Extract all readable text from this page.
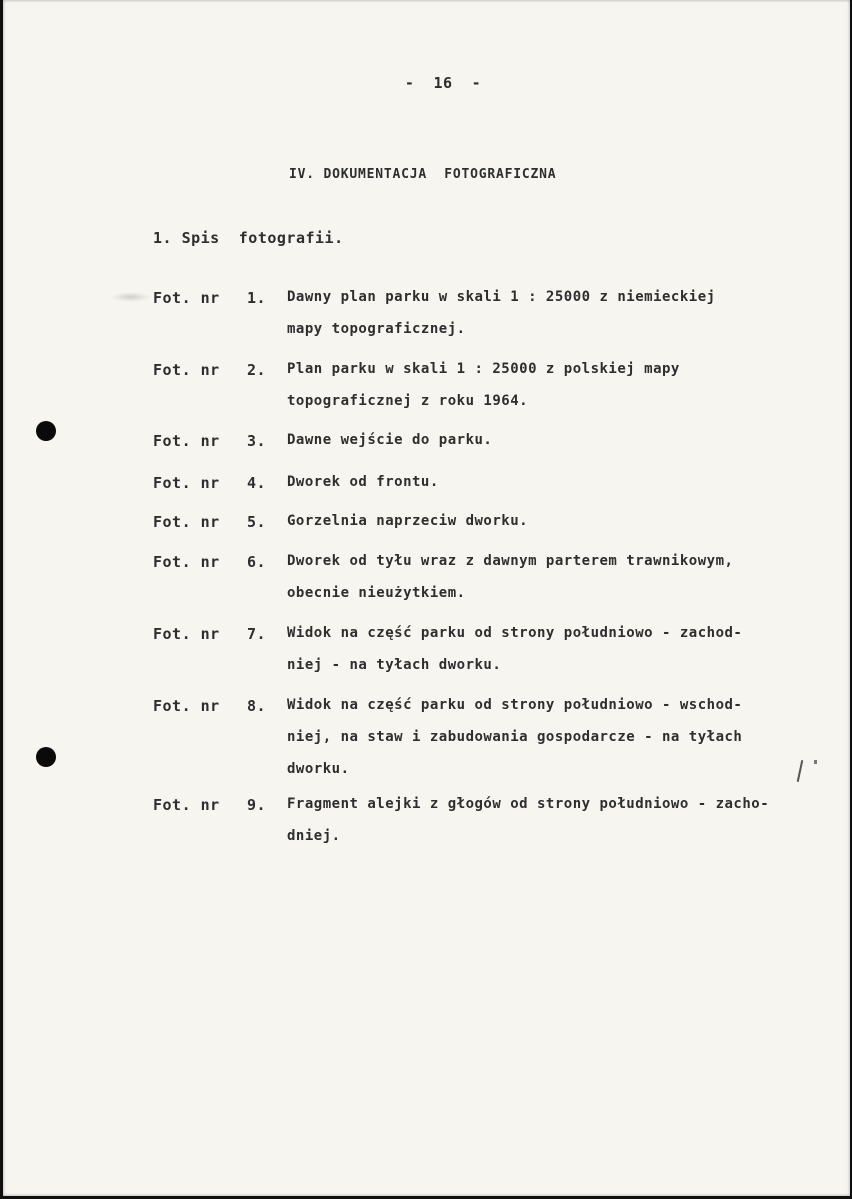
-  16  -
IV. DOKUMENTACJA  FOTOGRAFICZNA
1. Spis  fotografii.
Fot. nr 1. Dawny plan parku w skali 1 : 25000 z niemieckiej
mapy topograficznej.
Fot. nr 2. Plan parku w skali 1 : 25000 z polskiej mapy
topograficznej z roku 1964.
Fot. nr 3. Dawne wejście do parku.
Fot. nr 4. Dworek od frontu.
Fot. nr 5. Gorzelnia naprzeciw dworku.
Fot. nr 6. Dworek od tyłu wraz z dawnym parterem trawnikowym,
obecnie nieużytkiem.
Fot. nr 7. Widok na część parku od strony południowo - zachod-
niej - na tyłach dworku.
Fot. nr 8. Widok na część parku od strony południowo - wschod-
niej, na staw i zabudowania gospodarcze - na tyłach
dworku.
Fot. nr 9. Fragment alejki z głogów od strony południowo - zacho-
dniej.
